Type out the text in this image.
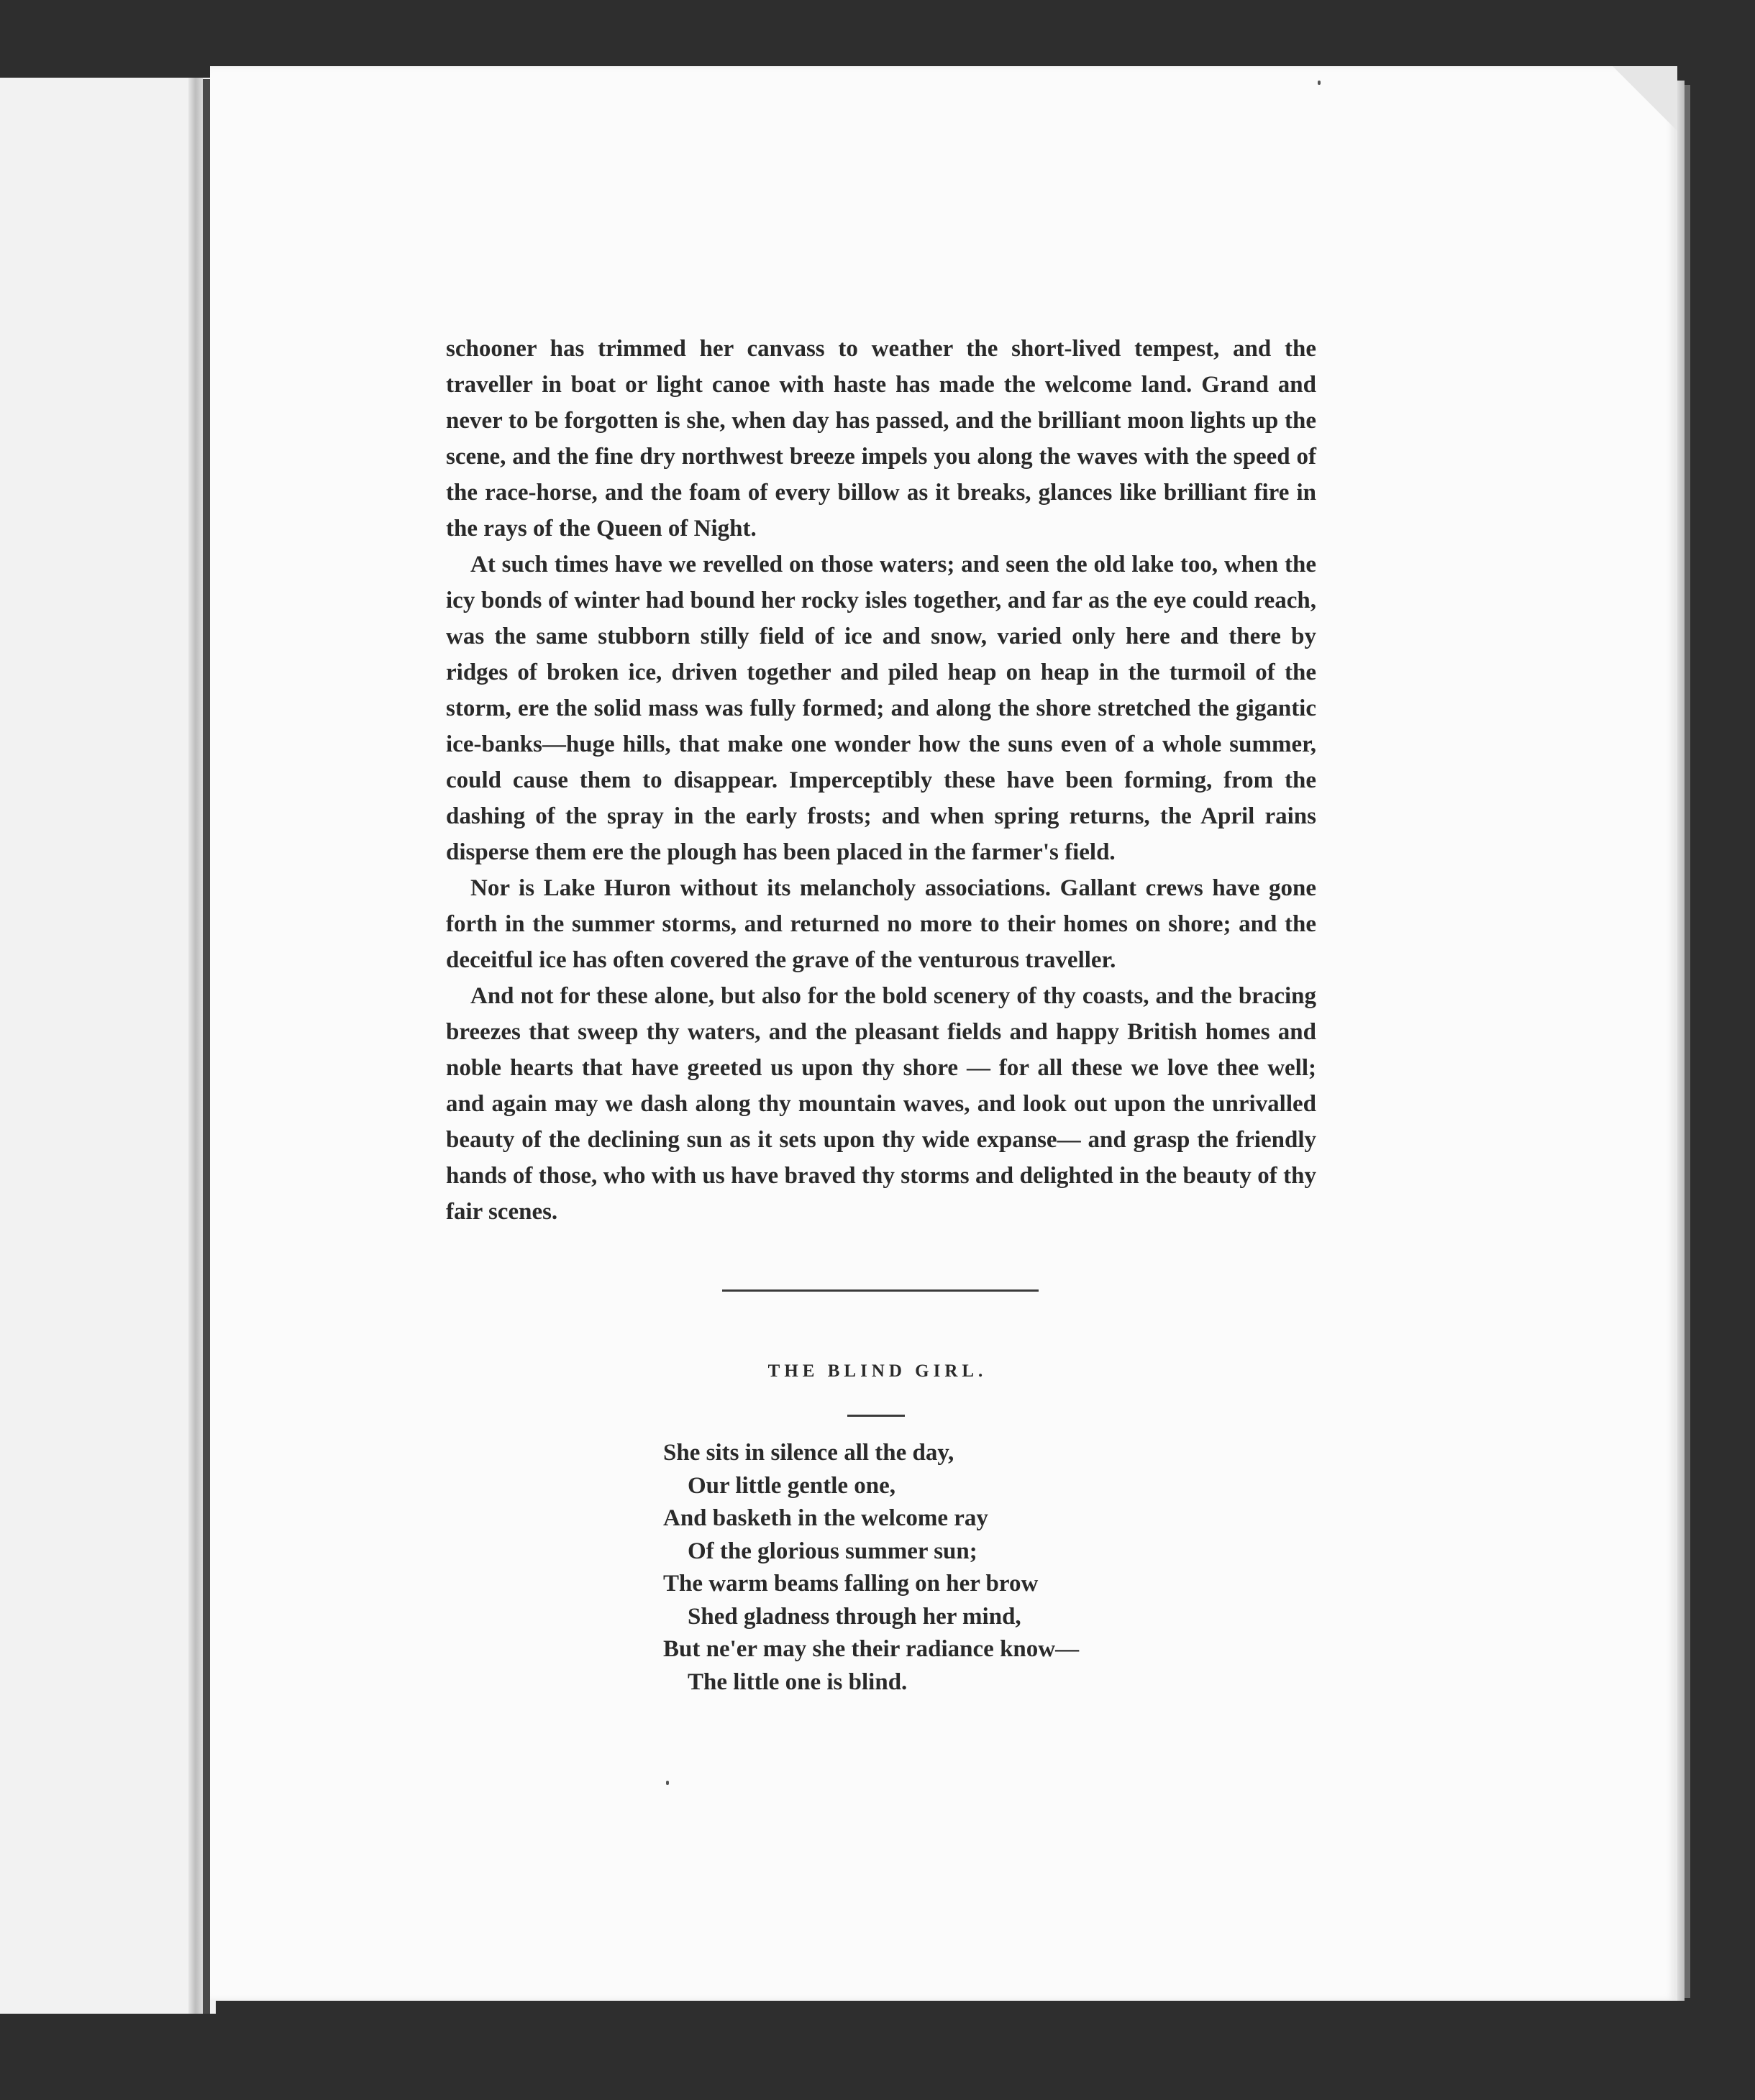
schooner has trimmed her canvass to weather the short-lived tempest, and the traveller in boat or light canoe with haste has made the welcome land. Grand and never to be forgotten is she, when day has passed, and the brilliant moon lights up the scene, and the fine dry northwest breeze impels you along the waves with the speed of the race-horse, and the foam of every billow as it breaks, glances like brilliant fire in the rays of the Queen of Night.

At such times have we revelled on those waters; and seen the old lake too, when the icy bonds of winter had bound her rocky isles together, and far as the eye could reach, was the same stubborn stilly field of ice and snow, varied only here and there by ridges of broken ice, driven together and piled heap on heap in the turmoil of the storm, ere the solid mass was fully formed; and along the shore stretched the gigantic ice-banks—huge hills, that make one wonder how the suns even of a whole summer, could cause them to disappear. Imperceptibly these have been forming, from the dashing of the spray in the early frosts; and when spring returns, the April rains disperse them ere the plough has been placed in the farmer's field.

Nor is Lake Huron without its melancholy associations. Gallant crews have gone forth in the summer storms, and returned no more to their homes on shore; and the deceitful ice has often covered the grave of the venturous traveller.

And not for these alone, but also for the bold scenery of thy coasts, and the bracing breezes that sweep thy waters, and the pleasant fields and happy British homes and noble hearts that have greeted us upon thy shore — for all these we love thee well; and again may we dash along thy mountain waves, and look out upon the unrivalled beauty of the declining sun as it sets upon thy wide expanse— and grasp the friendly hands of those, who with us have braved thy storms and delighted in the beauty of thy fair scenes.

THE BLIND GIRL.
She sits in silence all the day,
Our little gentle one,
And basketh in the welcome ray
Of the glorious summer sun;
The warm beams falling on her brow
Shed gladness through her mind,
But ne'er may she their radiance know—
The little one is blind.
